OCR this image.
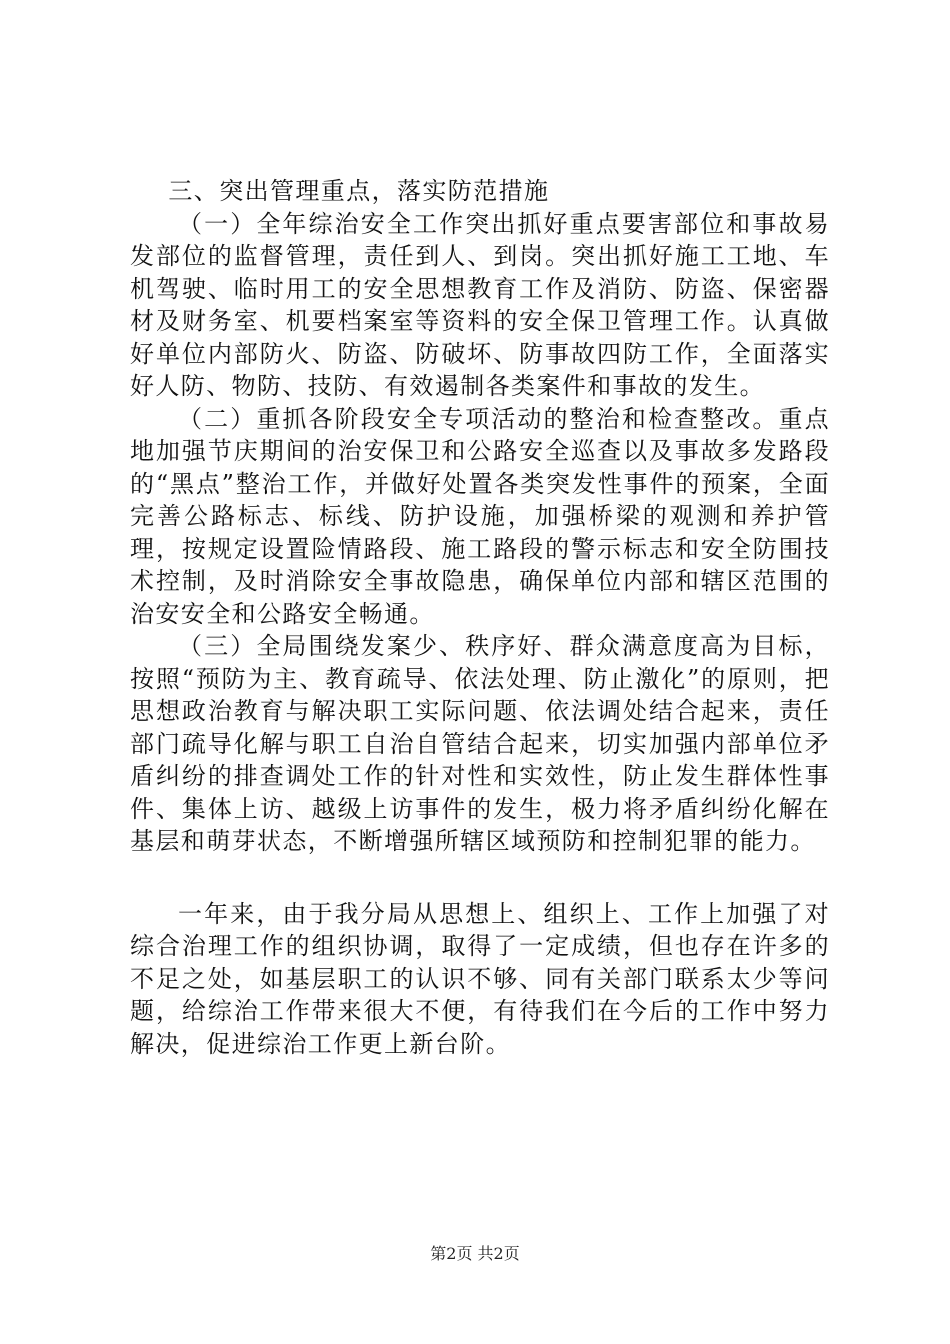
三、突出管理重点，落实防范措施

（一）全年综治安全工作突出抓好重点要害部位和事故易发部位的监督管理，责任到人、到岗。突出抓好施工工地、车机驾驶、临时用工的安全思想教育工作及消防、防盗、保密器材及财务室、机要档案室等资料的安全保卫管理工作。认真做好单位内部防火、防盗、防破坏、防事故四防工作，全面落实好人防、物防、技防、有效遏制各类案件和事故的发生。

（二）重抓各阶段安全专项活动的整治和检查整改。重点地加强节庆期间的治安保卫和公路安全巡查以及事故多发路段的“黑点”整治工作，并做好处置各类突发性事件的预案，全面完善公路标志、标线、防护设施，加强桥梁的观测和养护管理，按规定设置险情路段、施工路段的警示标志和安全防围技术控制，及时消除安全事故隐患，确保单位内部和辖区范围的治安安全和公路安全畅通。

（三）全局围绕发案少、秩序好、群众满意度高为目标，按照“预防为主、教育疏导、依法处理、防止激化”的原则，把思想政治教育与解决职工实际问题、依法调处结合起来，责任部门疏导化解与职工自治自管结合起来，切实加强内部单位矛盾纠纷的排查调处工作的针对性和实效性，防止发生群体性事件、集体上访、越级上访事件的发生，极力将矛盾纠纷化解在基层和萌芽状态，不断增强所辖区域预防和控制犯罪的能力。

一年来，由于我分局从思想上、组织上、工作上加强了对综合治理工作的组织协调，取得了一定成绩，但也存在许多的不足之处，如基层职工的认识不够、同有关部门联系太少等问题，给综治工作带来很大不便，有待我们在今后的工作中努力解决，促进综治工作更上新台阶。

第2页 共2页
